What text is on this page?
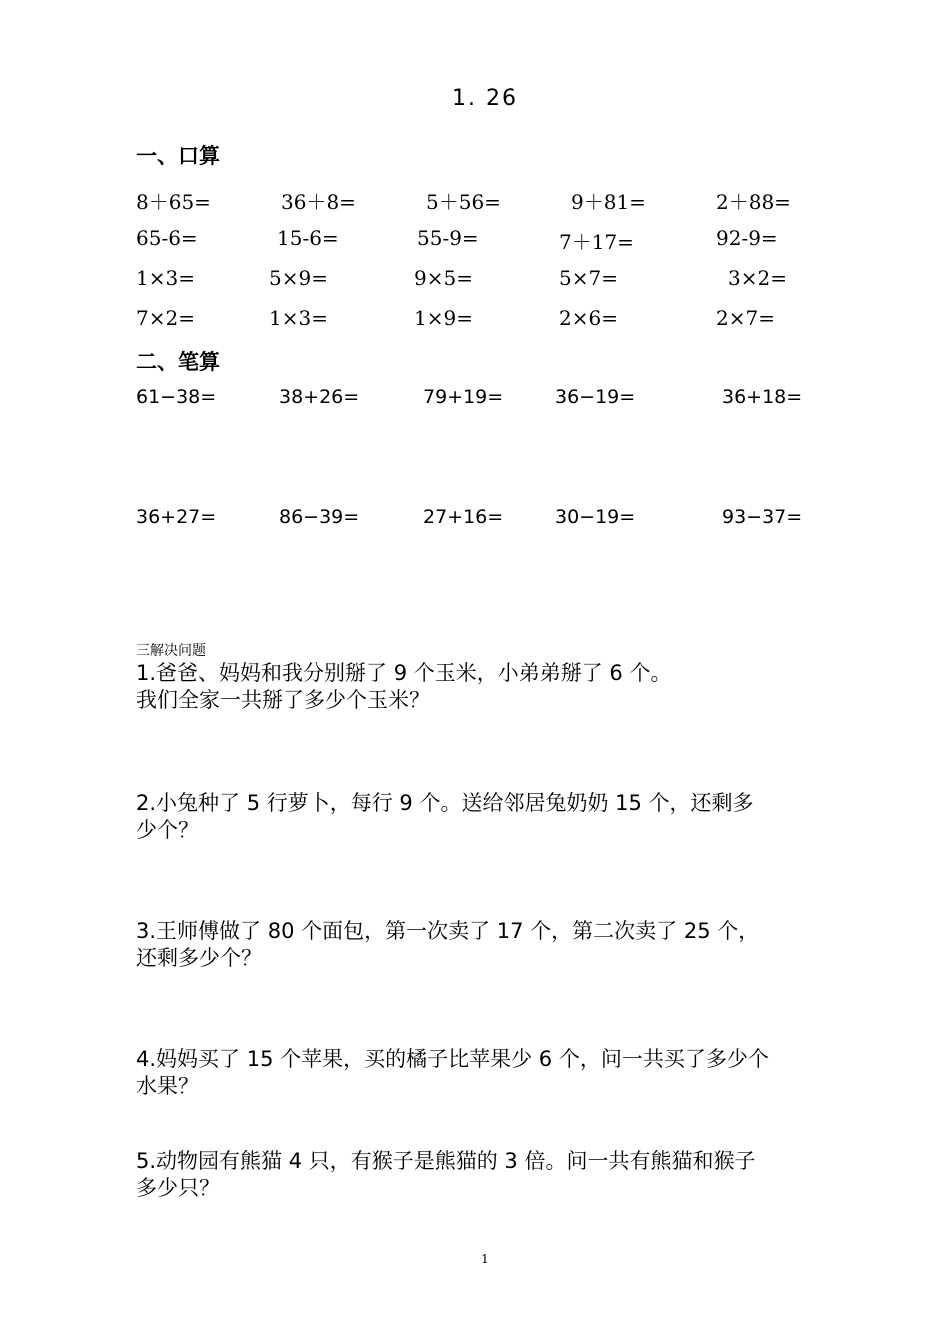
1. 26
一、口算
8＋65=	36＋8=	5＋56=	9＋81=	2＋88=
65-6=	15-6=	55-9=	7＋17=	92-9=
1×3=	5×9=	9×5=	5×7=	3×2=
7×2=	1×3=	1×9=	2×6=	2×7=
二、笔算
61−38=	38+26=	79+19=	36−19=	36+18=
36+27=	86−39=	27+16=	30−19=	93−37=
三解决问题
1.爸爸、妈妈和我分别掰了 9 个玉米，小弟弟掰了 6 个。
我们全家一共掰了多少个玉米？
2.小兔种了 5 行萝卜，每行 9 个。送给邻居兔奶奶 15 个，还剩多
少个？
3.王师傅做了 80 个面包，第一次卖了 17 个，第二次卖了 25 个，
还剩多少个？
4.妈妈买了 15 个苹果，买的橘子比苹果少 6 个，问一共买了多少个
水果？
5.动物园有熊猫 4 只，有猴子是熊猫的 3 倍。问一共有熊猫和猴子
多少只？
1
